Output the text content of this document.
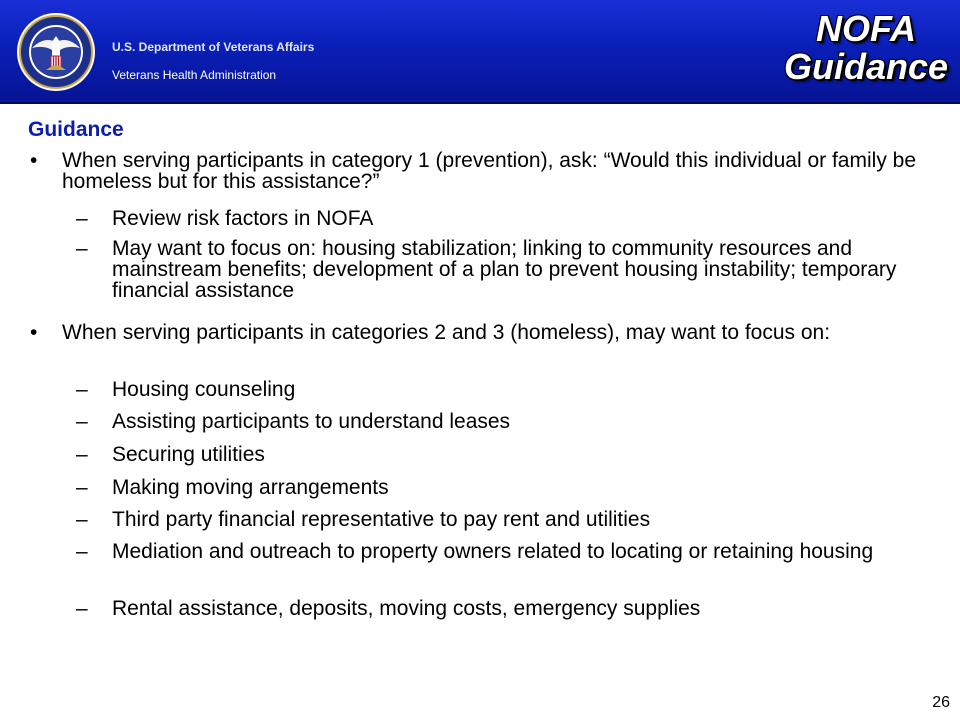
U.S. Department of Veterans Affairs
Veterans Health Administration
NOFA
Guidance
Guidance
• When serving participants in category 1 (prevention), ask: “Would this individual or family be homeless but for this assistance?”
– Review risk factors in NOFA
– May want to focus on: housing stabilization; linking to community resources and mainstream benefits; development of a plan to prevent housing instability; temporary financial assistance
• When serving participants in categories 2 and 3 (homeless), may want to focus on:
– Housing counseling
– Assisting participants to understand leases
– Securing utilities
– Making moving arrangements
– Third party financial representative to pay rent and utilities
– Mediation and outreach to property owners related to locating or retaining housing
– Rental assistance, deposits, moving costs, emergency supplies
26
